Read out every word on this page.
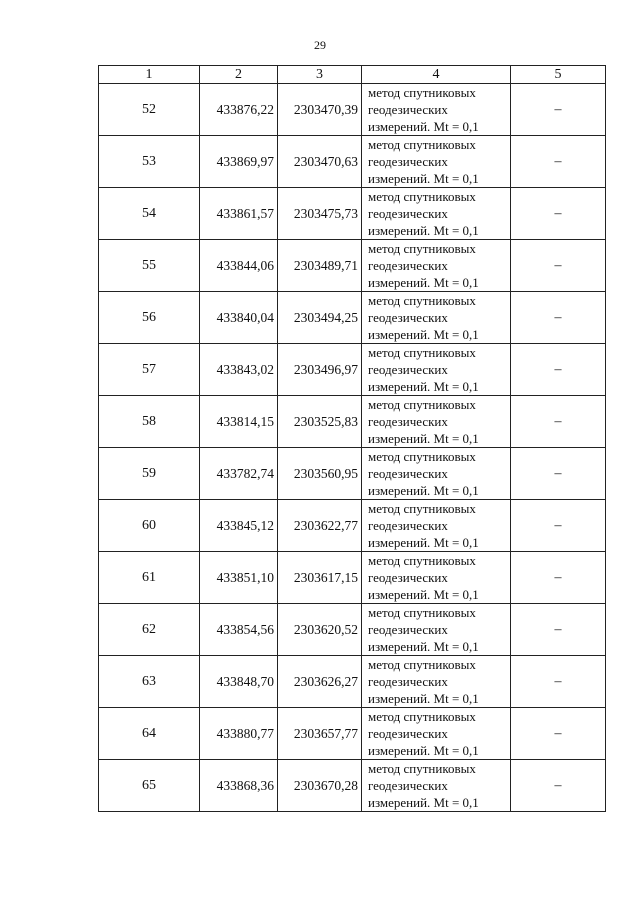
29
1	2	3	4	5
52	433876,22	2303470,39	метод спутниковых
геодезических
измерений. Mt = 0,1	–
53	433869,97	2303470,63	метод спутниковых
геодезических
измерений. Mt = 0,1	–
54	433861,57	2303475,73	метод спутниковых
геодезических
измерений. Mt = 0,1	–
55	433844,06	2303489,71	метод спутниковых
геодезических
измерений. Mt = 0,1	–
56	433840,04	2303494,25	метод спутниковых
геодезических
измерений. Mt = 0,1	–
57	433843,02	2303496,97	метод спутниковых
геодезических
измерений. Mt = 0,1	–
58	433814,15	2303525,83	метод спутниковых
геодезических
измерений. Mt = 0,1	–
59	433782,74	2303560,95	метод спутниковых
геодезических
измерений. Mt = 0,1	–
60	433845,12	2303622,77	метод спутниковых
геодезических
измерений. Mt = 0,1	–
61	433851,10	2303617,15	метод спутниковых
геодезических
измерений. Mt = 0,1	–
62	433854,56	2303620,52	метод спутниковых
геодезических
измерений. Mt = 0,1	–
63	433848,70	2303626,27	метод спутниковых
геодезических
измерений. Mt = 0,1	–
64	433880,77	2303657,77	метод спутниковых
геодезических
измерений. Mt = 0,1	–
65	433868,36	2303670,28	метод спутниковых
геодезических
измерений. Mt = 0,1	–
